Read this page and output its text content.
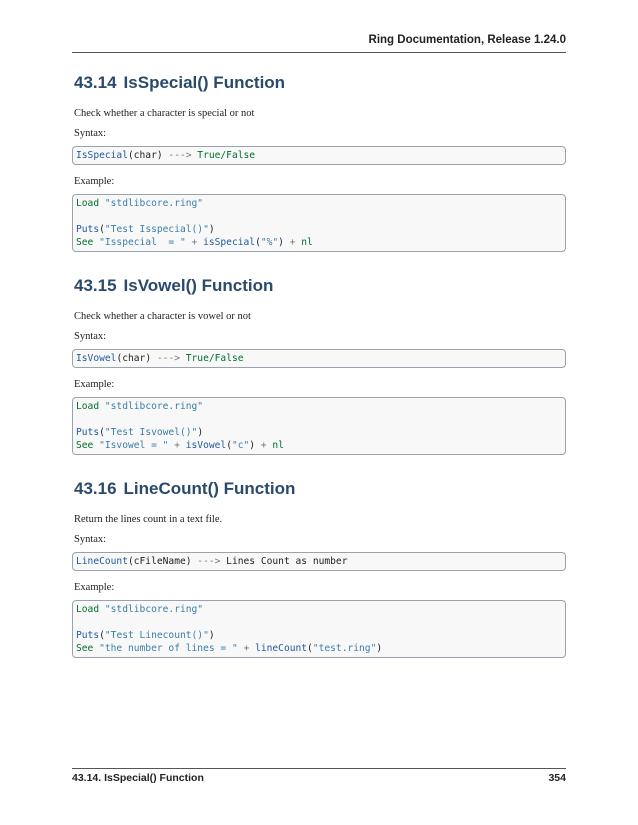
Ring Documentation, Release 1.24.0
43.14 IsSpecial() Function

Check whether a character is special or not

Syntax:

IsSpecial(char) ---> True/False

Example:

Load "stdlibcore.ring"
Puts("Test Isspecial()")
See "Isspecial  = " + isSpecial("%") + nl
43.15 IsVowel() Function

Check whether a character is vowel or not

Syntax:

IsVowel(char) ---> True/False

Example:

Load "stdlibcore.ring"
Puts("Test Isvowel()")
See "Isvowel = " + isVowel("c") + nl
43.16 LineCount() Function

Return the lines count in a text file.

Syntax:

LineCount(cFileName) ---> Lines Count as number

Example:

Load "stdlibcore.ring"
Puts("Test Linecount()")
See "the number of lines = " + lineCount("test.ring")
43.14. IsSpecial() Function	354
